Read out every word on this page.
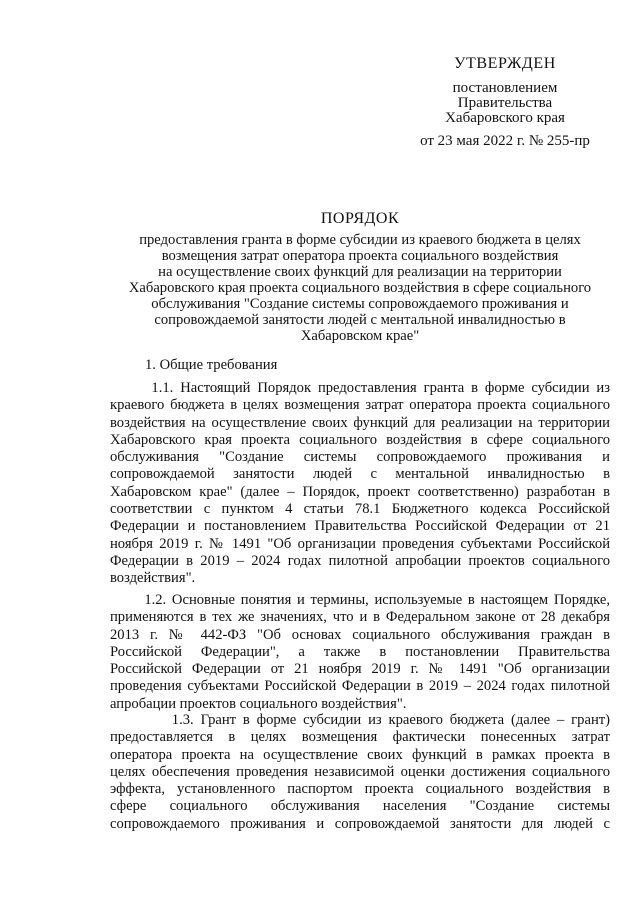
УТВЕРЖДЕН
постановлением
Правительства
Хабаровского края
от 23 мая 2022 г. № 255-пр
ПОРЯДОК
предоставления гранта в форме субсидии из краевого бюджета в целях
возмещения затрат оператора проекта социального воздействия
на осуществление своих функций для реализации на территории
Хабаровского края проекта социального воздействия в сфере социального
обслуживания "Создание системы сопровождаемого проживания и
сопровождаемой занятости людей с ментальной инвалидностью в
Хабаровском крае"
1. Общие требования
1.1. Настоящий Порядок предоставления гранта в форме субсидии из
краевого бюджета в целях возмещения затрат оператора проекта социального
воздействия на осуществление своих функций для реализации на территории
Хабаровского края проекта социального воздействия в сфере социального
обслуживания "Создание системы сопровождаемого проживания и
сопровождаемой занятости людей с ментальной инвалидностью в
Хабаровском крае" (далее – Порядок, проект соответственно) разработан в
соответствии с пунктом 4 статьи 78.1 Бюджетного кодекса Российской
Федерации и постановлением Правительства Российской Федерации от 21
ноября 2019 г. № 1491 "Об организации проведения субъектами Российской
Федерации в 2019 – 2024 годах пилотной апробации проектов социального
воздействия".
1.2. Основные понятия и термины, используемые в настоящем Порядке,
применяются в тех же значениях, что и в Федеральном законе от 28 декабря
2013 г. № 442-ФЗ "Об основах социального обслуживания граждан в
Российской Федерации", а также в постановлении Правительства
Российской Федерации от 21 ноября 2019 г. № 1491 "Об организации
проведения субъектами Российской Федерации в 2019 – 2024 годах пилотной
апробации проектов социального воздействия".
1.3. Грант в форме субсидии из краевого бюджета (далее – грант)
предоставляется в целях возмещения фактически понесенных затрат
оператора проекта на осуществление своих функций в рамках проекта в
целях обеспечения проведения независимой оценки достижения социального
эффекта, установленного паспортом проекта социального воздействия в
сфере социального обслуживания населения "Создание системы
сопровождаемого проживания и сопровождаемой занятости для людей с
